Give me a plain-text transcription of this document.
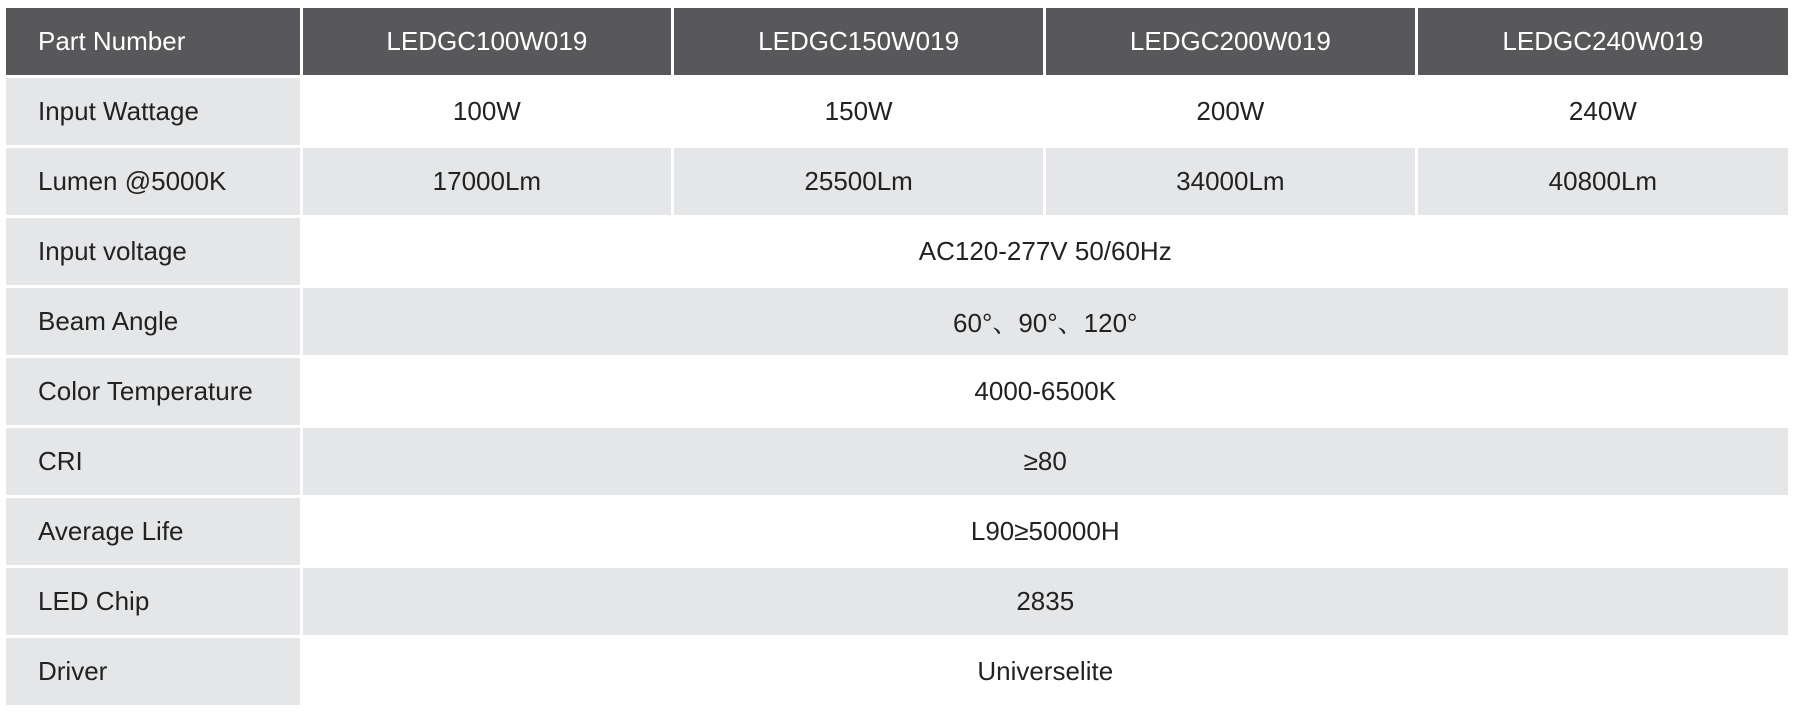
Part Number	LEDGC100W019	LEDGC150W019	LEDGC200W019	LEDGC240W019
Input Wattage	100W	150W	200W	240W
Lumen @5000K	17000Lm	25500Lm	34000Lm	40800Lm
Input voltage	AC120-277V 50/60Hz			
Beam Angle	60°、90°、120°			
Color Temperature	4000-6500K			
CRI	≥80			
Average Life	L90≥50000H			
LED Chip	2835			
Driver	Universelite			
